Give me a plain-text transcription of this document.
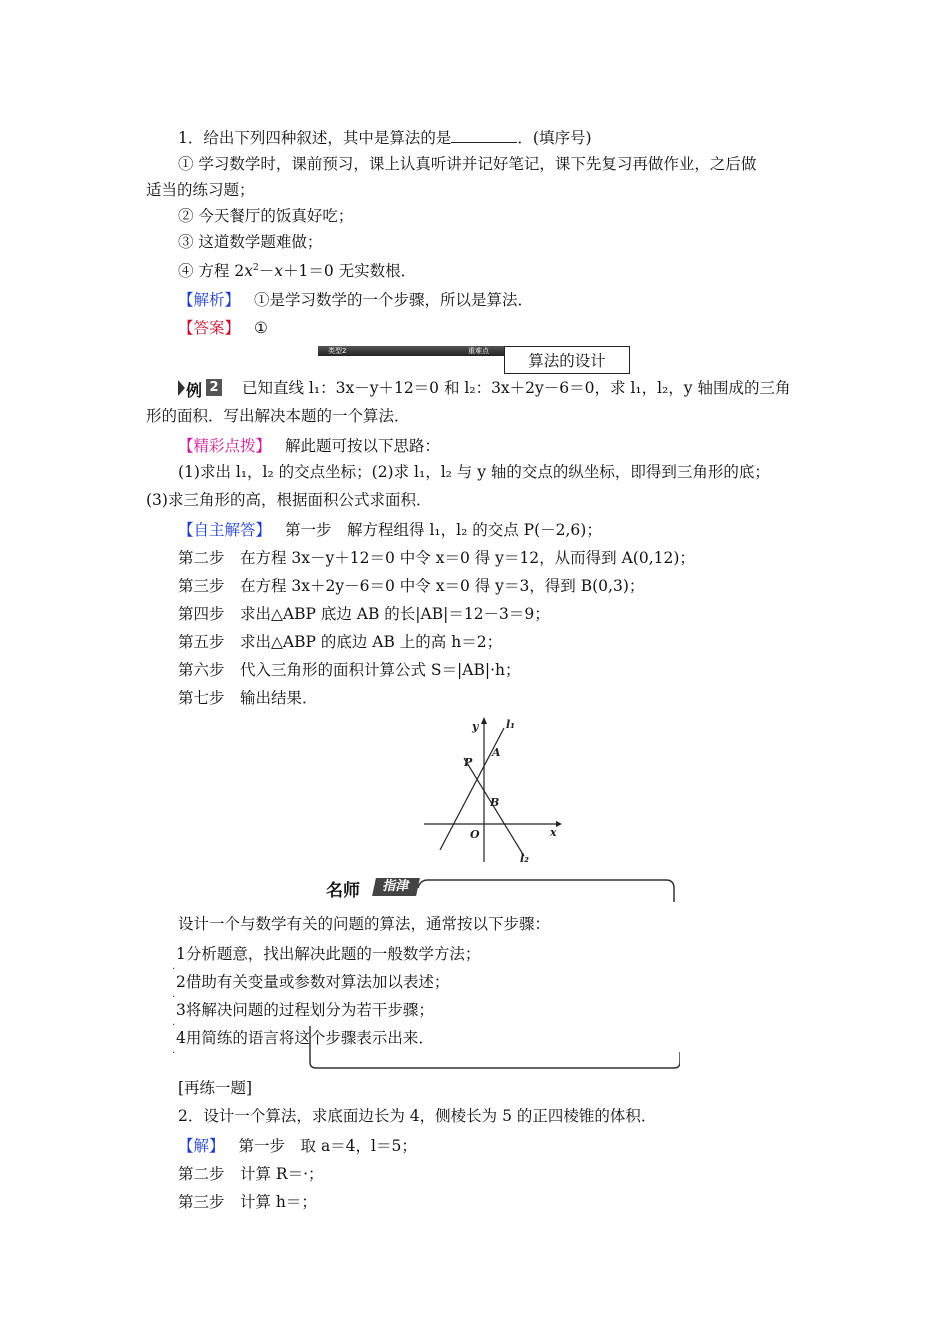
1．给出下列四种叙述，其中是算法的是	．(填序号)
① 学习数学时，课前预习，课上认真听讲并记好笔记，课下先复习再做作业，之后做
适当的练习题；
② 今天餐厅的饭真好吃；
③ 这道数学题难做；
④ 方程 $2x^2-x+1=0$ 无实数根．
【解析】 ①是学习数学的一个步骤，所以是算法．
【答案】 ①
类型2	重难点
算法的设计
例 2 已知直线 l₁：3x－y＋12＝0 和 l₂：3x＋2y－6＝0，求 l₁，l₂，y 轴围成的三角
形的面积．写出解决本题的一个算法．
【精彩点拨】 解此题可按以下思路：
(1)求出 l₁，l₂ 的交点坐标；(2)求 l₁，l₂ 与 y 轴的交点的纵坐标，即得到三角形的底；
(3)求三角形的高，根据面积公式求面积．
【自主解答】 第一步　解方程组得 l₁，l₂ 的交点 P(－2,6)；
第二步　在方程 3x－y＋12＝0 中令 x＝0 得 y＝12，从而得到 A(0,12)；
第三步　在方程 3x＋2y－6＝0 中令 x＝0 得 y＝3，得到 B(0,3)；
第四步　求出△ABP 底边 AB 的长|AB|＝12－3＝9；
第五步　求出△ABP 的底边 AB 上的高 h＝2；
第六步　代入三角形的面积计算公式 S＝|AB|·h；
第七步　输出结果．
y	l₁
A
P
B
O	x
l₂
名师	指津
设计一个与数学有关的问题的算法，通常按以下步骤：
.
1分析题意，找出解决此题的一般数学方法；
.
2借助有关变量或参数对算法加以表述；
.
3将解决问题的过程划分为若干步骤；
.
4用简练的语言将这个步骤表示出来．
[再练一题]
2．设计一个算法，求底面边长为 4，侧棱长为 5 的正四棱锥的体积．
【解】 第一步　取 a＝4，l＝5；
第二步　计算 R＝·；
第三步　计算 h＝；
